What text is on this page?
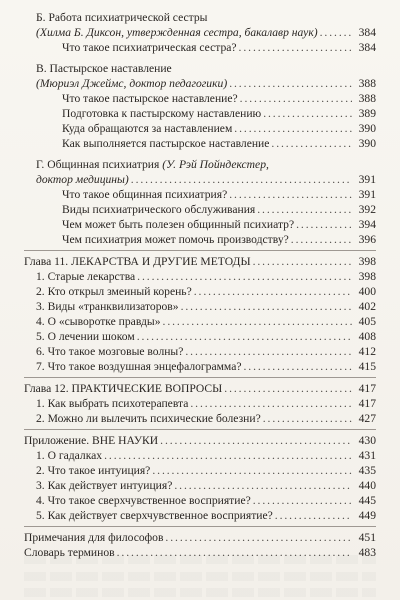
Б. Работа психиатрической сестры
(Хилма Б. Диксон, утвержденная сестра, бакалавр наук) . . .	384
Что такое психиатрическая сестра? . . .	384
В. Пастырское наставление
(Мюриэл Джеймс, доктор педагогики) . . .	388
Что такое пастырское наставление? . . .	388
Подготовка к пастырскому наставлению . . .	389
Куда обращаются за наставлением . . .	390
Как выполняется пастырское наставление . . .	390
Г. Общинная психиатрия (У. Рэй Пойндекстер,
доктор медицины) . . .	391
Что такое общинная психиатрия? . . .	391
Виды психиатрического обслуживания . . .	392
Чем может быть полезен общинный психиатр? . . .	394
Чем психиатрия может помочь производству? . . .	396
Глава 11. ЛЕКАРСТВА И ДРУГИЕ МЕТОДЫ . . .	398
1. Старые лекарства . . .	398
2. Кто открыл змеиный корень? . . .	400
3. Виды «транквилизаторов» . . .	402
4. О «сыворотке правды» . . .	405
5. О лечении шоком . . .	408
6. Что такое мозговые волны? . . .	412
7. Что такое воздушная энцефалограмма? . . .	415
Глава 12. ПРАКТИЧЕСКИЕ ВОПРОСЫ . . .	417
1. Как выбрать психотерапевта . . .	417
2. Можно ли вылечить психические болезни? . . .	427
Приложение. ВНЕ НАУКИ . . .	430
1. О гадалках . . .	431
2. Что такое интуиция? . . .	435
3. Как действует интуиция? . . .	440
4. Что такое сверхчувственное восприятие? . . .	445
5. Как действует сверхчувственное восприятие? . . .	449
Примечания для философов . . .	451
Словарь терминов . . .	483
